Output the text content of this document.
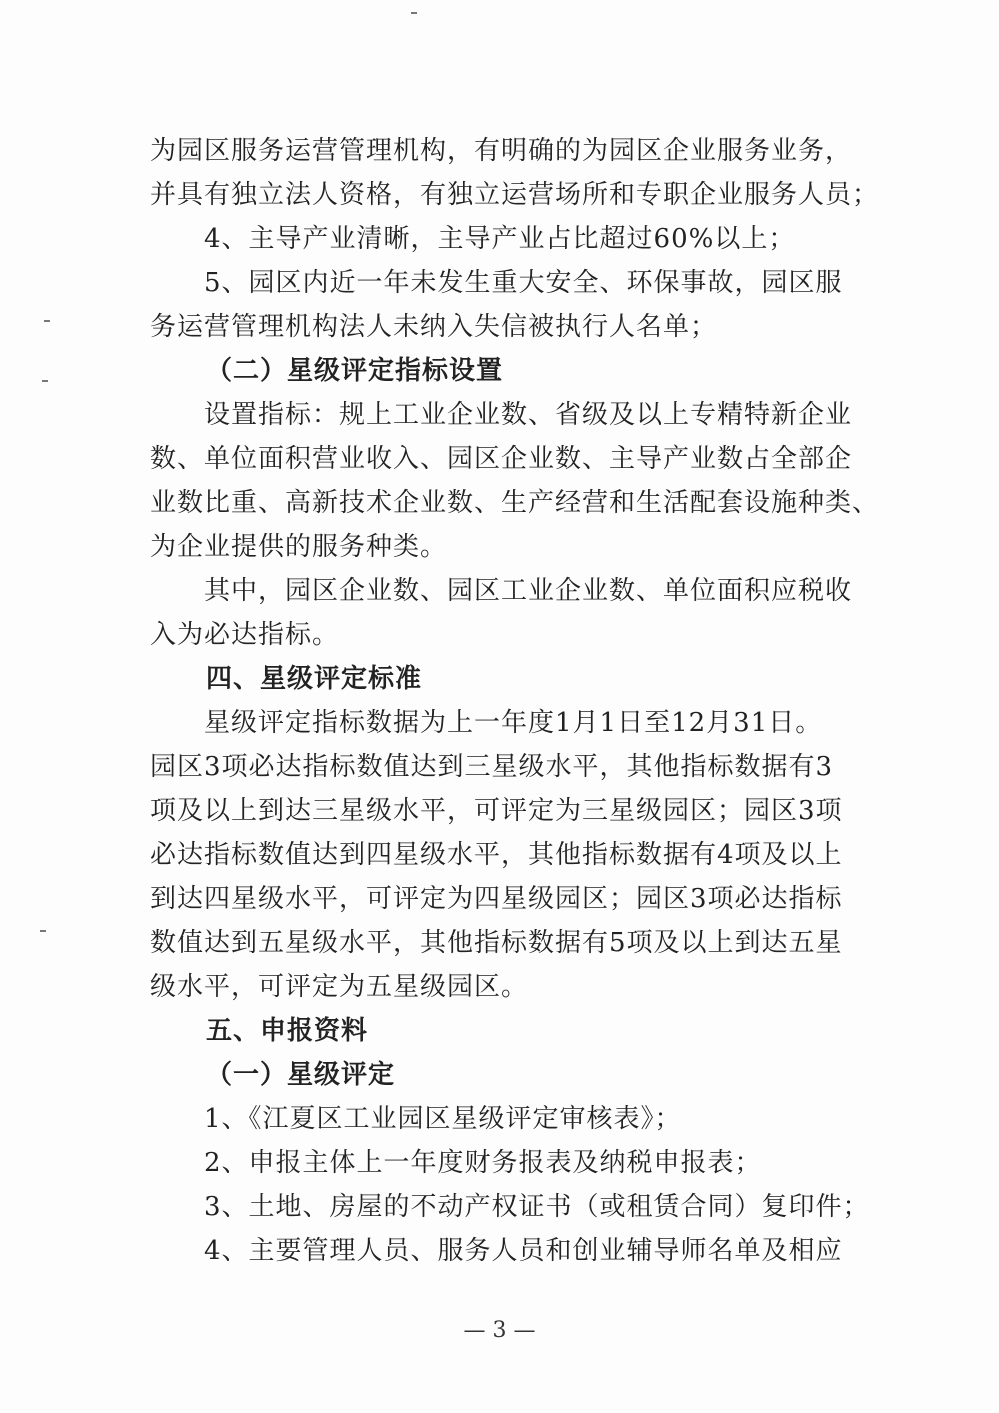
为园区服务运营管理机构，有明确的为园区企业服务业务，
并具有独立法人资格，有独立运营场所和专职企业服务人员；
4、主导产业清晰，主导产业占比超过60%以上；
5、园区内近一年未发生重大安全、环保事故，园区服
务运营管理机构法人未纳入失信被执行人名单；
（二）星级评定指标设置
设置指标：规上工业企业数、省级及以上专精特新企业
数、单位面积营业收入、园区企业数、主导产业数占全部企
业数比重、高新技术企业数、生产经营和生活配套设施种类、
为企业提供的服务种类。
其中，园区企业数、园区工业企业数、单位面积应税收
入为必达指标。
四、星级评定标准
星级评定指标数据为上一年度1月1日至12月31日。
园区3项必达指标数值达到三星级水平，其他指标数据有3
项及以上到达三星级水平，可评定为三星级园区；园区3项
必达指标数值达到四星级水平，其他指标数据有4项及以上
到达四星级水平，可评定为四星级园区；园区3项必达指标
数值达到五星级水平，其他指标数据有5项及以上到达五星
级水平，可评定为五星级园区。
五、申报资料
（一）星级评定
1、《江夏区工业园区星级评定审核表》；
2、申报主体上一年度财务报表及纳税申报表；
3、土地、房屋的不动产权证书（或租赁合同）复印件；
4、主要管理人员、服务人员和创业辅导师名单及相应
— 3 —
